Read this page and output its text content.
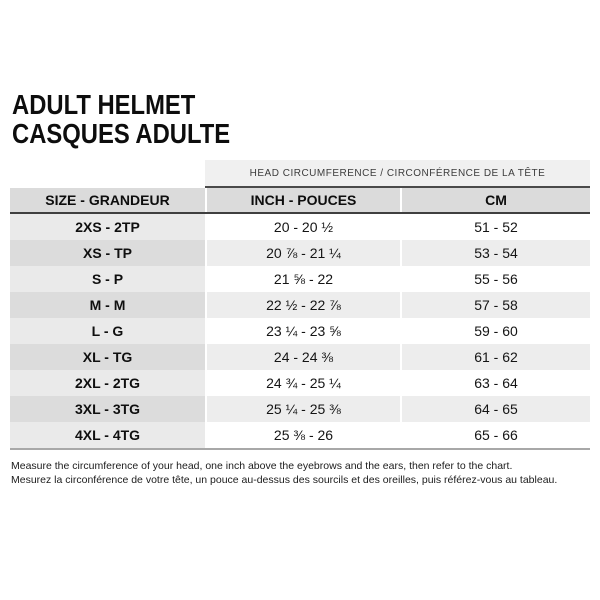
ADULT HELMET
CASQUES ADULTE
HEAD CIRCUMFERENCE / CIRCONFÉRENCE DE LA TÊTE
SIZE - GRANDEUR	INCH - POUCES	CM
2XS - 2TP	20 - 20 ½	51 - 52
XS - TP	20 ⅞ - 21 ¼	53 - 54
S - P	21 ⅝ - 22	55 - 56
M - M	22 ½ - 22 ⅞	57 - 58
L - G	23 ¼ - 23 ⅝	59 - 60
XL - TG	24 - 24 ⅜	61 - 62
2XL - 2TG	24 ¾ - 25 ¼	63 - 64
3XL - 3TG	25 ¼ - 25 ⅜	64 - 65
4XL - 4TG	25 ⅜ - 26	65 - 66
Measure the circumference of your head, one inch above the eyebrows and the ears, then refer to the chart.
Mesurez la circonférence de votre tête, un pouce au-dessus des sourcils et des oreilles, puis référez-vous au tableau.
